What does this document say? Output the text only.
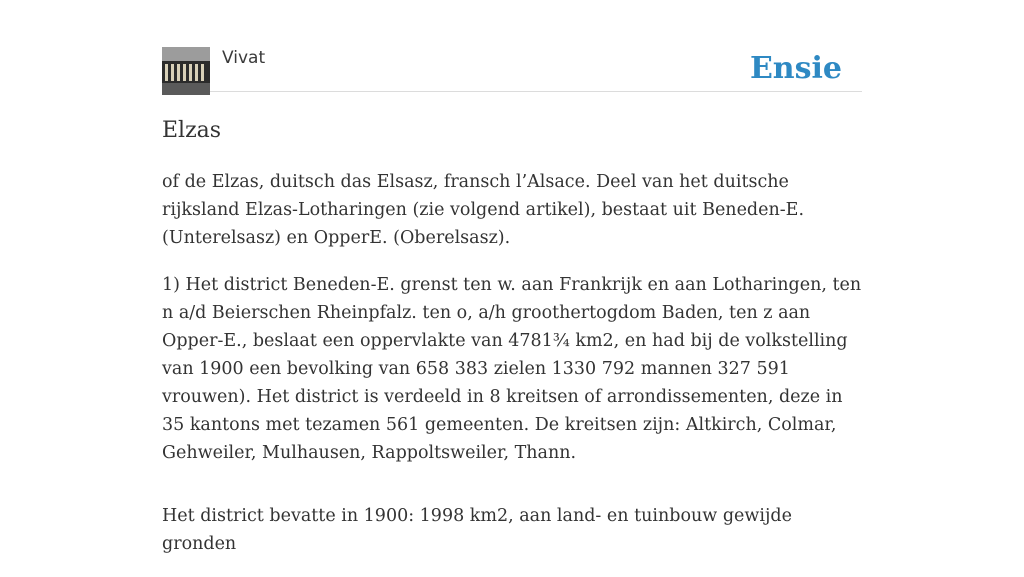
Vivat	Ensie
Elzas

of de Elzas, duitsch das Elsasz, fransch l’Alsace. Deel van het duitsche rijksland Elzas-Lotharingen (zie volgend artikel), bestaat uit Beneden-E. (Unterelsasz) en OpperE. (Oberelsasz).

1) Het district Beneden-E. grenst ten w. aan Frankrijk en aan Lotharingen, ten n a/d Beierschen Rheinpfalz. ten o, a/h groothertogdom Baden, ten z aan Opper-E., beslaat een oppervlakte van 4781¾ km2, en had bij de volkstelling van 1900 een bevolking van 658 383 zielen 1330 792 mannen 327 591 vrouwen). Het district is verdeeld in 8 kreitsen of arrondissementen, deze in 35 kantons met tezamen 561 gemeenten. De kreitsen zijn: Altkirch, Colmar, Gehweiler, Mulhausen, Rappoltsweiler, Thann.

Het district bevatte in 1900: 1998 km2, aan land- en tuinbouw gewijde gronden
